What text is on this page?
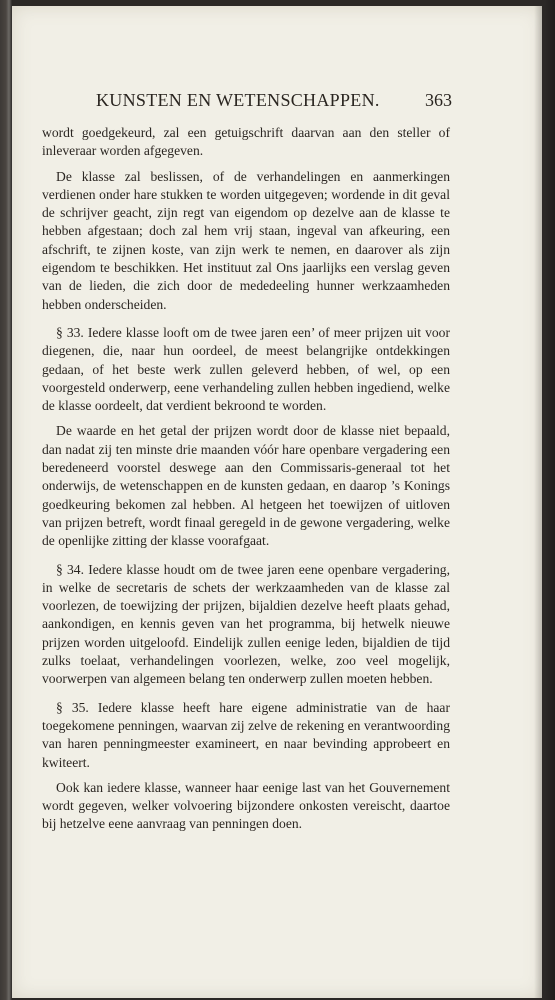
KUNSTEN EN WETENSCHAPPEN.	363

wordt goedgekeurd, zal een getuigschrift daarvan aan den steller of inleveraar worden afgegeven.

De klasse zal beslissen, of de verhandelingen en aanmerkingen verdienen onder hare stukken te worden uitgegeven; wordende in dit geval de schrijver geacht, zijn regt van eigendom op dezelve aan de klasse te hebben afgestaan; doch zal hem vrij staan, ingeval van afkeuring, een afschrift, te zijnen koste, van zijn werk te nemen, en daarover als zijn eigendom te beschikken. Het instituut zal Ons jaarlijks een verslag geven van de lieden, die zich door de mededeeling hunner werkzaamheden hebben onderscheiden.

§ 33. Iedere klasse looft om de twee jaren een’ of meer prijzen uit voor diegenen, die, naar hun oordeel, de meest belangrijke ontdekkingen gedaan, of het beste werk zullen geleverd hebben, of wel, op een voorgesteld onderwerp, eene verhandeling zullen hebben ingediend, welke de klasse oordeelt, dat verdient bekroond te worden.

De waarde en het getal der prijzen wordt door de klasse niet bepaald, dan nadat zij ten minste drie maanden vóór hare openbare vergadering een beredeneerd voorstel deswege aan den Commissaris-generaal tot het onderwijs, de wetenschappen en de kunsten gedaan, en daarop ’s Konings goedkeuring bekomen zal hebben. Al hetgeen het toewijzen of uitloven van prijzen betreft, wordt finaal geregeld in de gewone vergadering, welke de openlijke zitting der klasse voorafgaat.

§ 34. Iedere klasse houdt om de twee jaren eene openbare vergadering, in welke de secretaris de schets der werkzaamheden van de klasse zal voorlezen, de toewijzing der prijzen, bijaldien dezelve heeft plaats gehad, aankondigen, en kennis geven van het programma, bij hetwelk nieuwe prijzen worden uitgeloofd. Eindelijk zullen eenige leden, bijaldien de tijd zulks toelaat, verhandelingen voorlezen, welke, zoo veel mogelijk, voorwerpen van algemeen belang ten onderwerp zullen moeten hebben.

§ 35. Iedere klasse heeft hare eigene administratie van de haar toegekomene penningen, waarvan zij zelve de rekening en verantwoording van haren penningmeester examineert, en naar bevinding approbeert en kwiteert.

Ook kan iedere klasse, wanneer haar eenige last van het Gouvernement wordt gegeven, welker volvoering bijzondere onkosten vereischt, daartoe bij hetzelve eene aanvraag van penningen doen.
